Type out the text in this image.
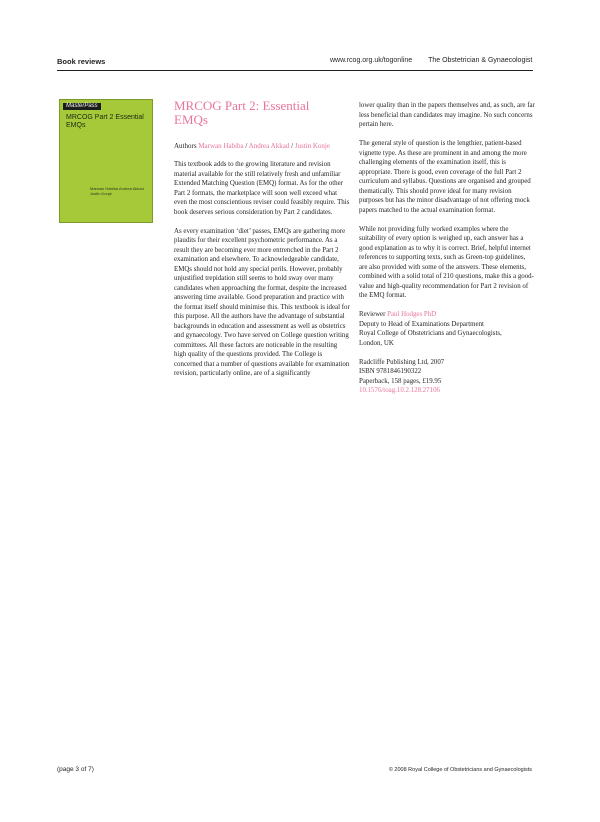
Book reviews	www.rcog.org.uk/togonline The Obstetrician & Gynaecologist
MasterPass
MRCOG Part 2 Essential EMQs
Marwan Habiba Andrea Akkad Justin Konje
MRCOG Part 2: Essential EMQs
Authors Marwan Habiba / Andrea Akkad / Justin Konje

This textbook adds to the growing literature and revision material available for the still relatively fresh and unfamiliar Extended Matching Question (EMQ) format. As for the other Part 2 formats, the marketplace will soon well exceed what even the most conscientious reviser could feasibly require. This book deserves serious consideration by Part 2 candidates.

As every examination ‘diet’ passes, EMQs are gathering more plaudits for their excellent psychometric performance. As a result they are becoming ever more entrenched in the Part 2 examination and elsewhere. To acknowledgeable candidate, EMQs should not hold any special perils. However, probably unjustified trepidation still seems to hold sway over many candidates when approaching the format, despite the increased answering time available. Good preparation and practice with the format itself should minimise this. This textbook is ideal for this purpose. All the authors have the advantage of substantial backgrounds in education and assessment as well as obstetrics and gynaecology. Two have served on College question writing committees. All these factors are noticeable in the resulting high quality of the questions provided. The College is concerned that a number of questions available for examination revision, particularly online, are of a significantly

lower quality than in the papers themselves and, as such, are far less beneficial than candidates may imagine. No such concerns pertain here.

The general style of question is the lengthier, patient-based vignette type. As these are prominent in and among the more challenging elements of the examination itself, this is appropriate. There is good, even coverage of the full Part 2 curriculum and syllabus. Questions are organised and grouped thematically. This should prove ideal for many revision purposes but has the minor disadvantage of not offering mock papers matched to the actual examination format.

While not providing fully worked examples where the suitability of every option is weighed up, each answer has a good explanation as to why it is correct. Brief, helpful internet references to supporting texts, such as Green-top guidelines, are also provided with some of the answers. These elements, combined with a solid total of 210 questions, make this a good-value and high-quality recommendation for Part 2 revision of the EMQ format.

Reviewer Paul Hodges PhD
Deputy to Head of Examinations Department
Royal College of Obstetricians and Gynaecologists,
London, UK
Radcliffe Publishing Ltd, 2007
ISBN 9781846190322
Paperback, 158 pages, £19.95
10.1576/toag.10.2.128.27106
(page 3 of 7)	© 2008 Royal College of Obstetricians and Gynaecologists
